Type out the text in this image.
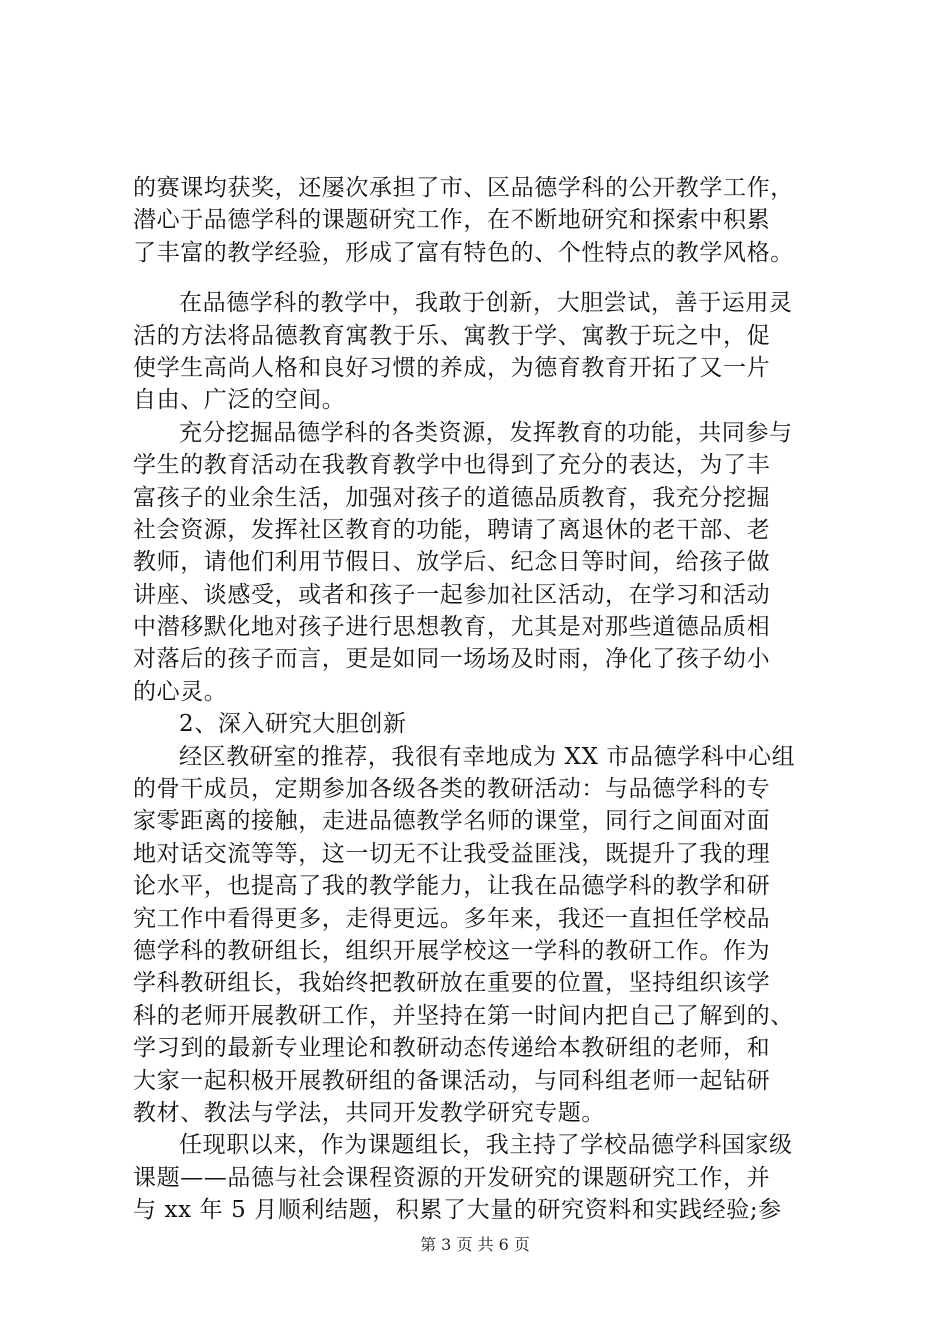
的赛课均获奖，还屡次承担了市、区品德学科的公开教学工作，
潜心于品德学科的课题研究工作，在不断地研究和探索中积累
了丰富的教学经验，形成了富有特色的、个性特点的教学风格。
在品德学科的教学中，我敢于创新，大胆尝试，善于运用灵
活的方法将品德教育寓教于乐、寓教于学、寓教于玩之中，促
使学生高尚人格和良好习惯的养成，为德育教育开拓了又一片
自由、广泛的空间。
充分挖掘品德学科的各类资源，发挥教育的功能，共同参与
学生的教育活动在我教育教学中也得到了充分的表达，为了丰
富孩子的业余生活，加强对孩子的道德品质教育，我充分挖掘
社会资源，发挥社区教育的功能，聘请了离退休的老干部、老
教师，请他们利用节假日、放学后、纪念日等时间，给孩子做
讲座、谈感受，或者和孩子一起参加社区活动，在学习和活动
中潜移默化地对孩子进行思想教育，尤其是对那些道德品质相
对落后的孩子而言，更是如同一场场及时雨，净化了孩子幼小
的心灵。
2、深入研究大胆创新
经区教研室的推荐，我很有幸地成为 XX 市品德学科中心组
的骨干成员，定期参加各级各类的教研活动：与品德学科的专
家零距离的接触，走进品德教学名师的课堂，同行之间面对面
地对话交流等等，这一切无不让我受益匪浅，既提升了我的理
论水平，也提高了我的教学能力，让我在品德学科的教学和研
究工作中看得更多，走得更远。多年来，我还一直担任学校品
德学科的教研组长，组织开展学校这一学科的教研工作。作为
学科教研组长，我始终把教研放在重要的位置，坚持组织该学
科的老师开展教研工作，并坚持在第一时间内把自己了解到的、
学习到的最新专业理论和教研动态传递给本教研组的老师，和
大家一起积极开展教研组的备课活动，与同科组老师一起钻研
教材、教法与学法，共同开发教学研究专题。
任现职以来，作为课题组长，我主持了学校品德学科国家级
课题——品德与社会课程资源的开发研究的课题研究工作，并
与 xx 年 5 月顺利结题，积累了大量的研究资料和实践经验;参
第 3 页 共 6 页
